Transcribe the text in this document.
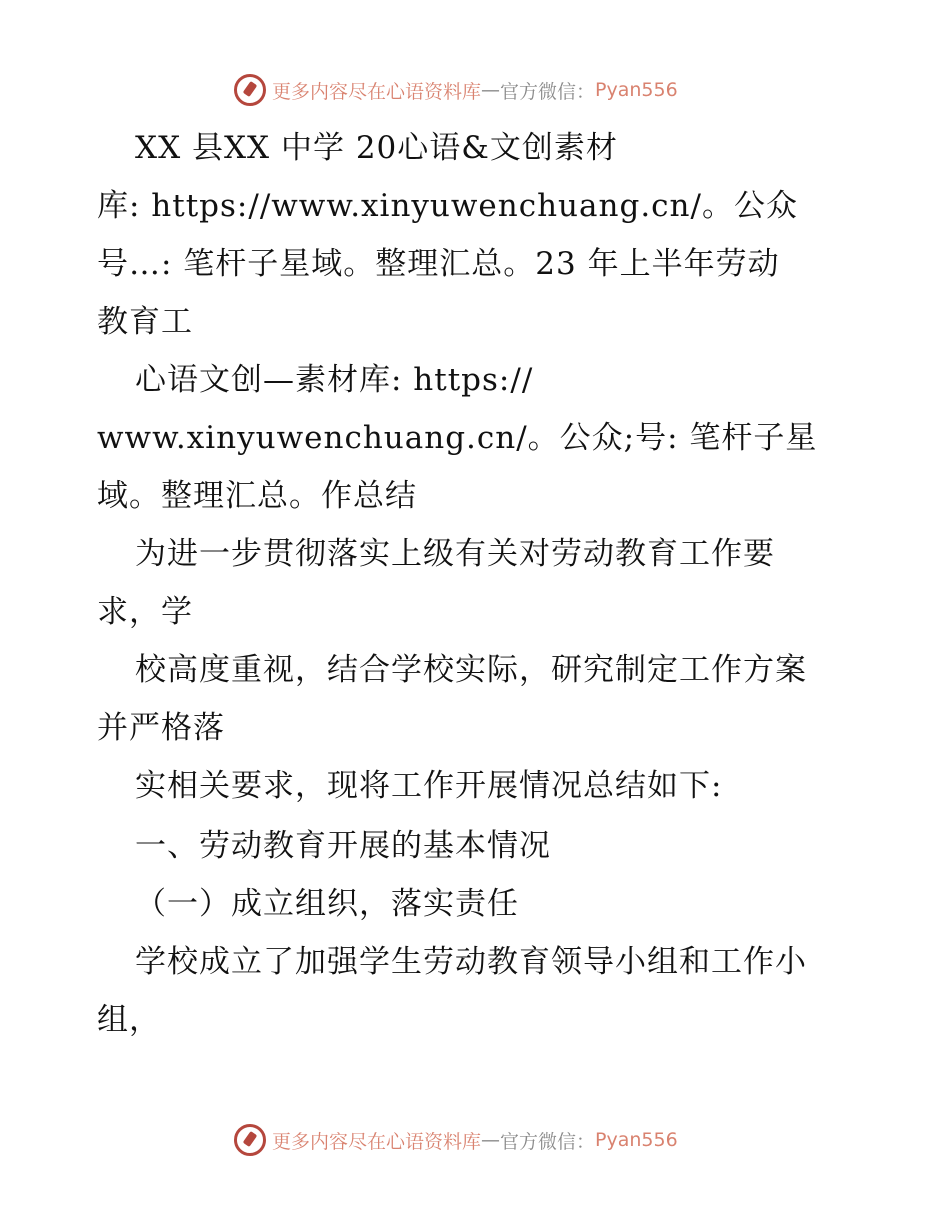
更多内容尽在心语资料库 — 官方微信： Pyan556
XX 县XX 中学 20心语&文创素材
库: https://www.xinyuwenchuang.cn/。公众
号…: 笔杆子星域。整理汇总。23 年上半年劳动
教育工
心语文创—素材库: https://
www.xinyuwenchuang.cn/。公众;号: 笔杆子星
域。整理汇总。作总结
为进一步贯彻落实上级有关对劳动教育工作要
求，学
校高度重视，结合学校实际，研究制定工作方案
并严格落
实相关要求，现将工作开展情况总结如下:
一、劳动教育开展的基本情况
（一）成立组织，落实责任
学校成立了加强学生劳动教育领导小组和工作小
组，
更多内容尽在心语资料库 — 官方微信： Pyan556
